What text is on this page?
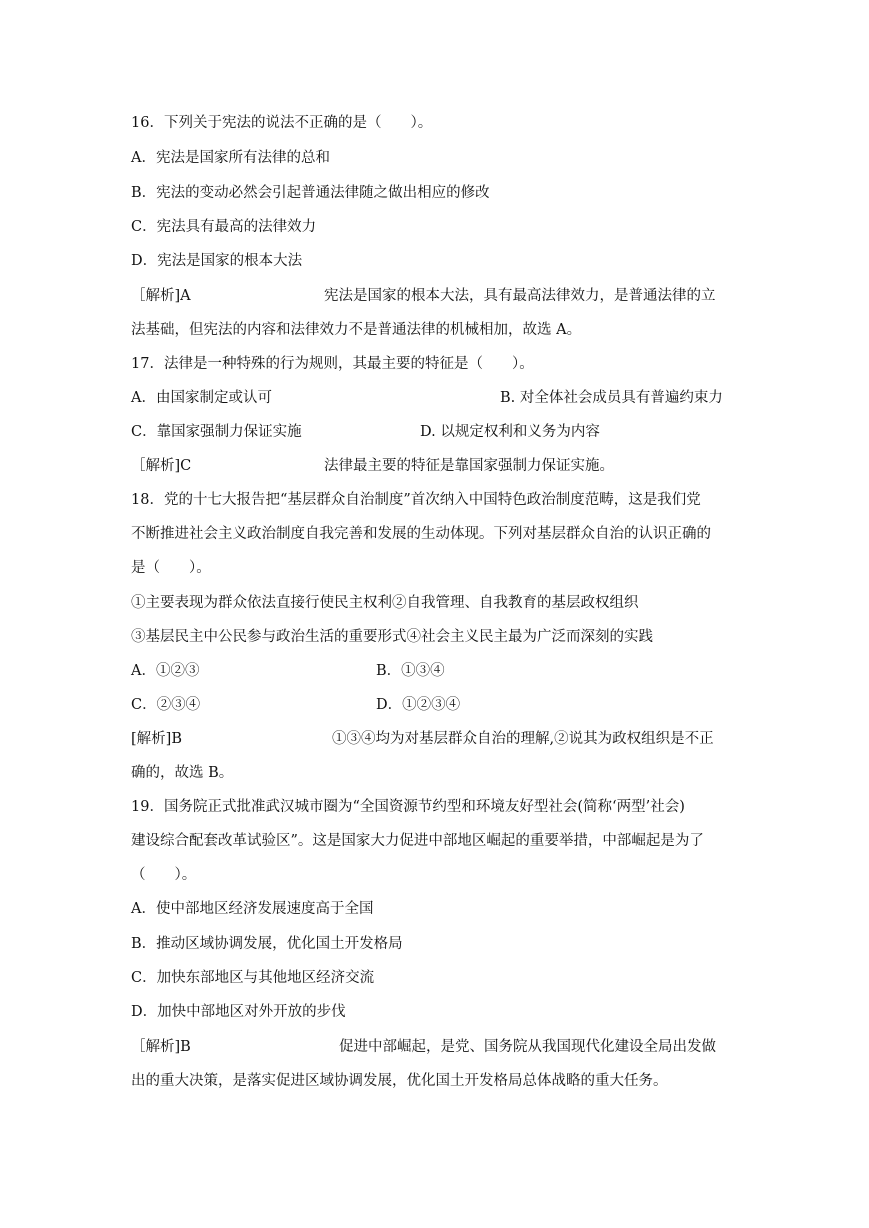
16．下列关于宪法的说法不正确的是（　　）。
A．宪法是国家所有法律的总和
B．宪法的变动必然会引起普通法律随之做出相应的修改
C．宪法具有最高的法律效力
D．宪法是国家的根本大法
［解析]A	宪法是国家的根本大法，具有最高法律效力，是普通法律的立
法基础，但宪法的内容和法律效力不是普通法律的机械相加，故选 A。
17．法律是一种特殊的行为规则，其最主要的特征是（　　）。
A．由国家制定或认可	B. 对全体社会成员具有普遍约束力
C．靠国家强制力保证实施	D. 以规定权利和义务为内容
［解析]C	法律最主要的特征是靠国家强制力保证实施。
18．党的十七大报告把“基层群众自治制度”首次纳入中国特色政治制度范畴，这是我们党
不断推进社会主义政治制度自我完善和发展的生动体现。下列对基层群众自治的认识正确的
是（　　）。
①主要表现为群众依法直接行使民主权利②自我管理、自我教育的基层政权组织
③基层民主中公民参与政治生活的重要形式④社会主义民主最为广泛而深刻的实践
A．①②③	B．①③④
C．②③④	D．①②③④
[解析]B	①③④均为对基层群众自治的理解,②说其为政权组织是不正
确的，故选 B。
19．国务院正式批准武汉城市圈为“全国资源节约型和环境友好型社会(简称‘两型’社会)
建设综合配套改革试验区”。这是国家大力促进中部地区崛起的重要举措，中部崛起是为了
（　　）。
A．使中部地区经济发展速度高于全国
B．推动区域协调发展，优化国土开发格局
C．加快东部地区与其他地区经济交流
D．加快中部地区对外开放的步伐
［解析]B	促进中部崛起，是党、国务院从我国现代化建设全局出发做
出的重大决策，是落实促进区域协调发展，优化国土开发格局总体战略的重大任务。
